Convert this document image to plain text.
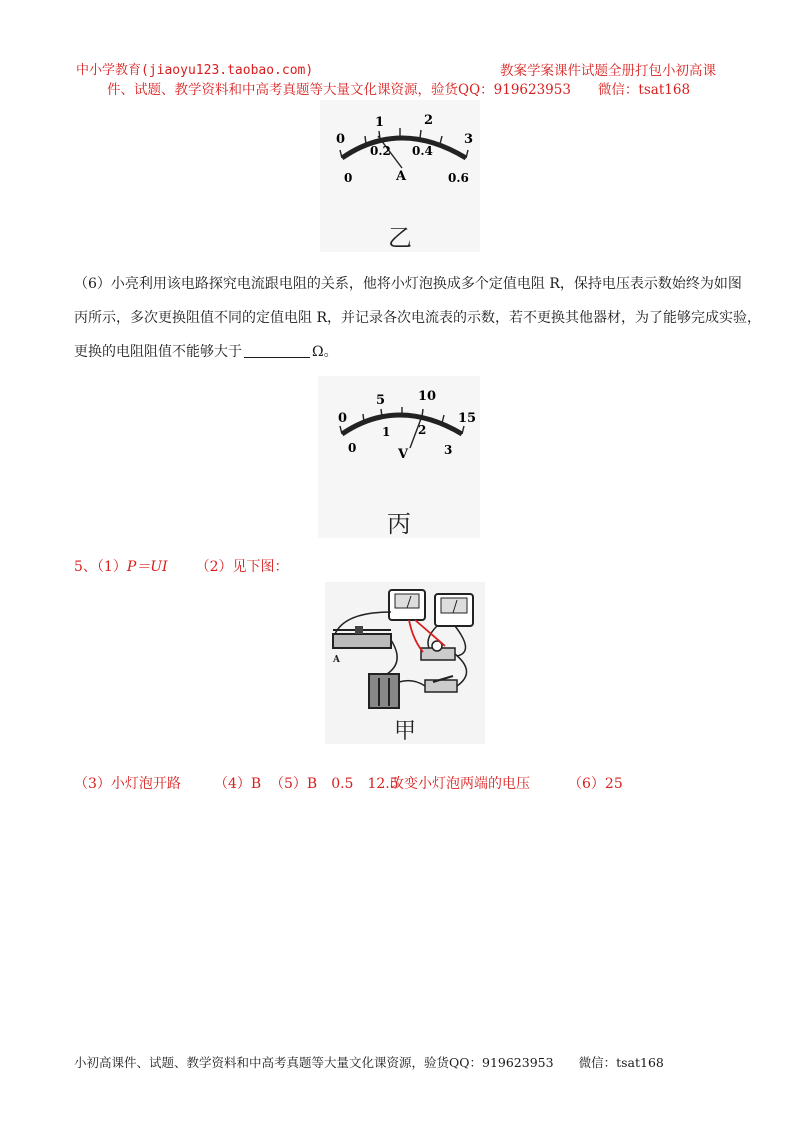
中小学教育(jiaoyu123.taobao.com)	教案学案课件试题全册打包小初高课
件、试题、教学资料和中高考真题等大量文化课资源，验货QQ：919623953　　微信：tsat168
0
1	2
3
0
0.2 0.4
0.6
A
乙
（6）小亮利用该电路探究电流跟电阻的关系，他将小灯泡换成多个定值电阻 R，保持电压表示数始终为如图
丙所示，多次更换阻值不同的定值电阻 R，并记录各次电流表的示数，若不更换其他器材，为了能够完成实验，
更换的电阻阻值不能够大于	Ω。
0
5	10
15
0
1 2
3
V
丙
5、（1）P＝UI （2）见下图：
A
甲
（3）小灯泡开路 （4）B （5）B　0.5　12.5
改变小灯泡两端的电压	（6）25
小初高课件、试题、教学资料和中高考真题等大量文化课资源，验货QQ：919623953　　微信：tsat168
